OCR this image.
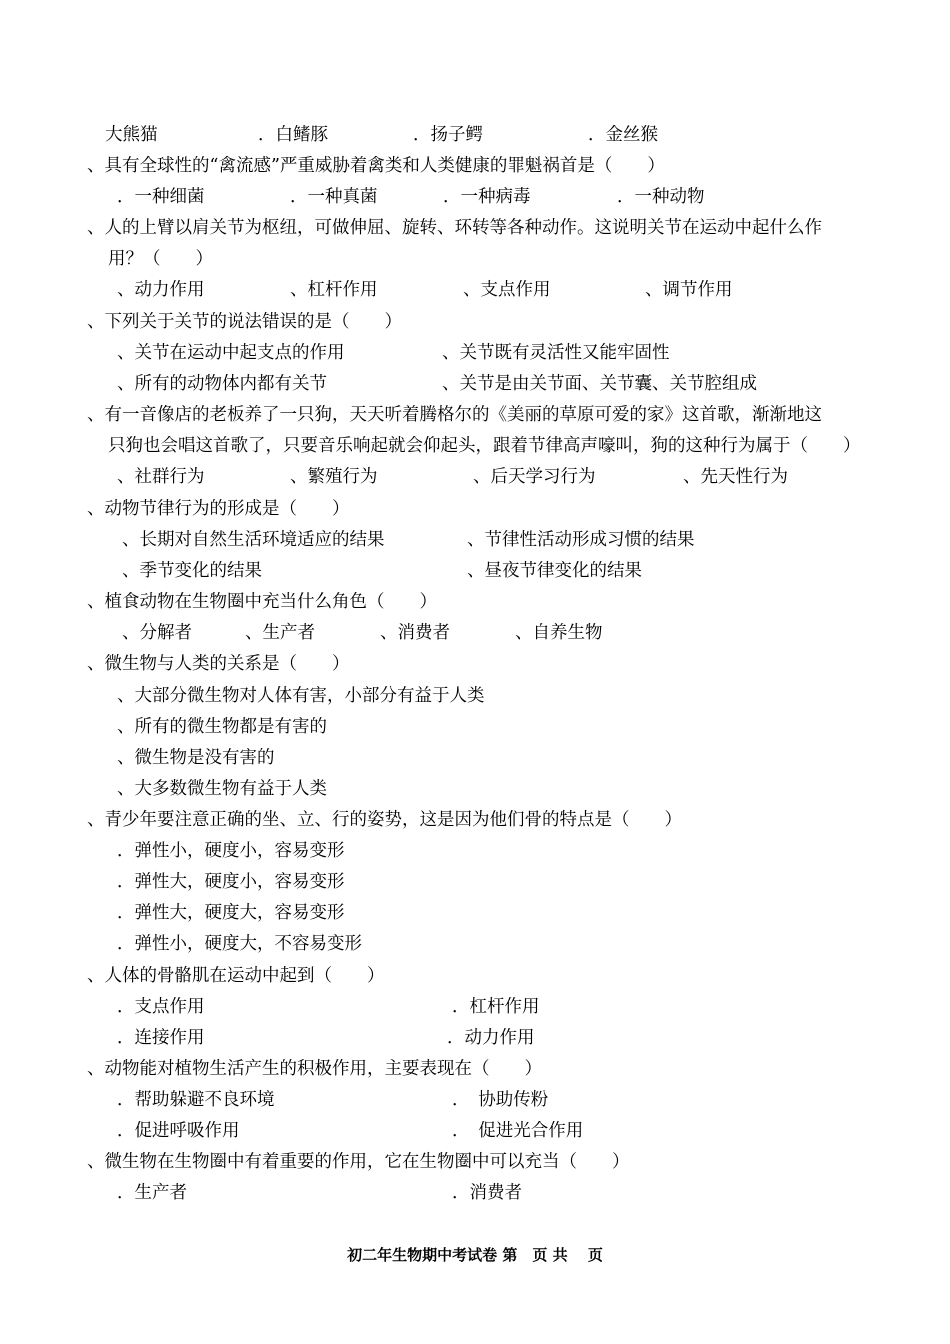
大熊猫	．白鳍豚	．扬子鳄	．金丝猴
、具有全球性的“禽流感”严重威胁着禽类和人类健康的罪魁祸首是（　　）
．一种细菌	．一种真菌	．一种病毒	．一种动物
、人的上臂以肩关节为枢纽，可做伸屈、旋转、环转等各种动作。这说明关节在运动中起什么作
用？（　　）
、动力作用	、杠杆作用	、支点作用	、调节作用
、下列关于关节的说法错误的是（　　）
、关节在运动中起支点的作用	、关节既有灵活性又能牢固性
、所有的动物体内都有关节	、关节是由关节面、关节囊、关节腔组成
、有一音像店的老板养了一只狗，天天听着腾格尔的《美丽的草原可爱的家》这首歌，渐渐地这
只狗也会唱这首歌了，只要音乐响起就会仰起头，跟着节律高声嚎叫，狗的这种行为属于（　　）
、社群行为	、繁殖行为	、后天学习行为	、先天性行为
、动物节律行为的形成是（　　）
、长期对自然生活环境适应的结果	、节律性活动形成习惯的结果
、季节变化的结果	、昼夜节律变化的结果
、植食动物在生物圈中充当什么角色（　　）
、分解者	、生产者	、消费者	、自养生物
、微生物与人类的关系是（　　）
、大部分微生物对人体有害，小部分有益于人类
、所有的微生物都是有害的
、微生物是没有害的
、大多数微生物有益于人类
、青少年要注意正确的坐、立、行的姿势，这是因为他们骨的特点是（　　）
．弹性小，硬度小，容易变形
．弹性大，硬度小，容易变形
．弹性大，硬度大，容易变形
．弹性小，硬度大，不容易变形
、人体的骨骼肌在运动中起到（　　）
．支点作用	．杠杆作用
．连接作用	．动力作用
、动物能对植物生活产生的积极作用，主要表现在（　　）
．帮助躲避不良环境	．　协助传粉
．促进呼吸作用	．　促进光合作用
、微生物在生物圈中有着重要的作用，它在生物圈中可以充当（　　）
．生产者	．消费者
初二年生物期中考试卷 第　页 共　 页
